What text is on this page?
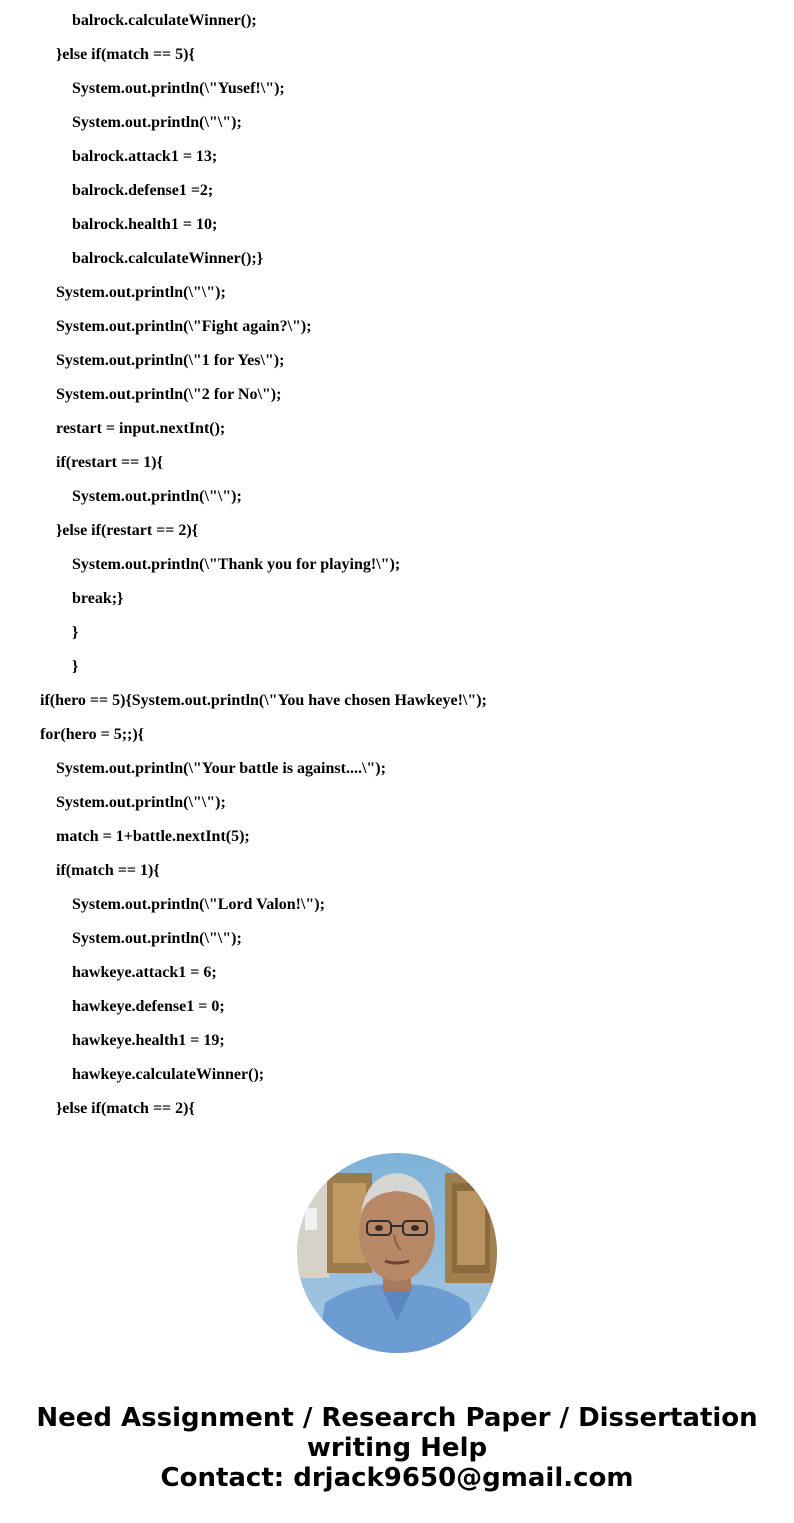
balrock.calculateWinner();
}else if(match == 5){
System.out.println(\"Yusef!\");
System.out.println(\"\");
balrock.attack1 = 13;
balrock.defense1 =2;
balrock.health1 = 10;
balrock.calculateWinner();}
System.out.println(\"\");
System.out.println(\"Fight again?\");
System.out.println(\"1 for Yes\");
System.out.println(\"2 for No\");
restart = input.nextInt();
if(restart == 1){
System.out.println(\"\");
}else if(restart == 2){
System.out.println(\"Thank you for playing!\");
break;}
}
}
if(hero == 5){System.out.println(\"You have chosen Hawkeye!\");
for(hero = 5;;){
System.out.println(\"Your battle is against....\");
System.out.println(\"\");
match = 1+battle.nextInt(5);
if(match == 1){
System.out.println(\"Lord Valon!\");
System.out.println(\"\");
hawkeye.attack1 = 6;
hawkeye.defense1 = 0;
hawkeye.health1 = 19;
hawkeye.calculateWinner();
}else if(match == 2){
Need Assignment / Research Paper / Dissertation
writing Help
Contact: drjack9650@gmail.com
